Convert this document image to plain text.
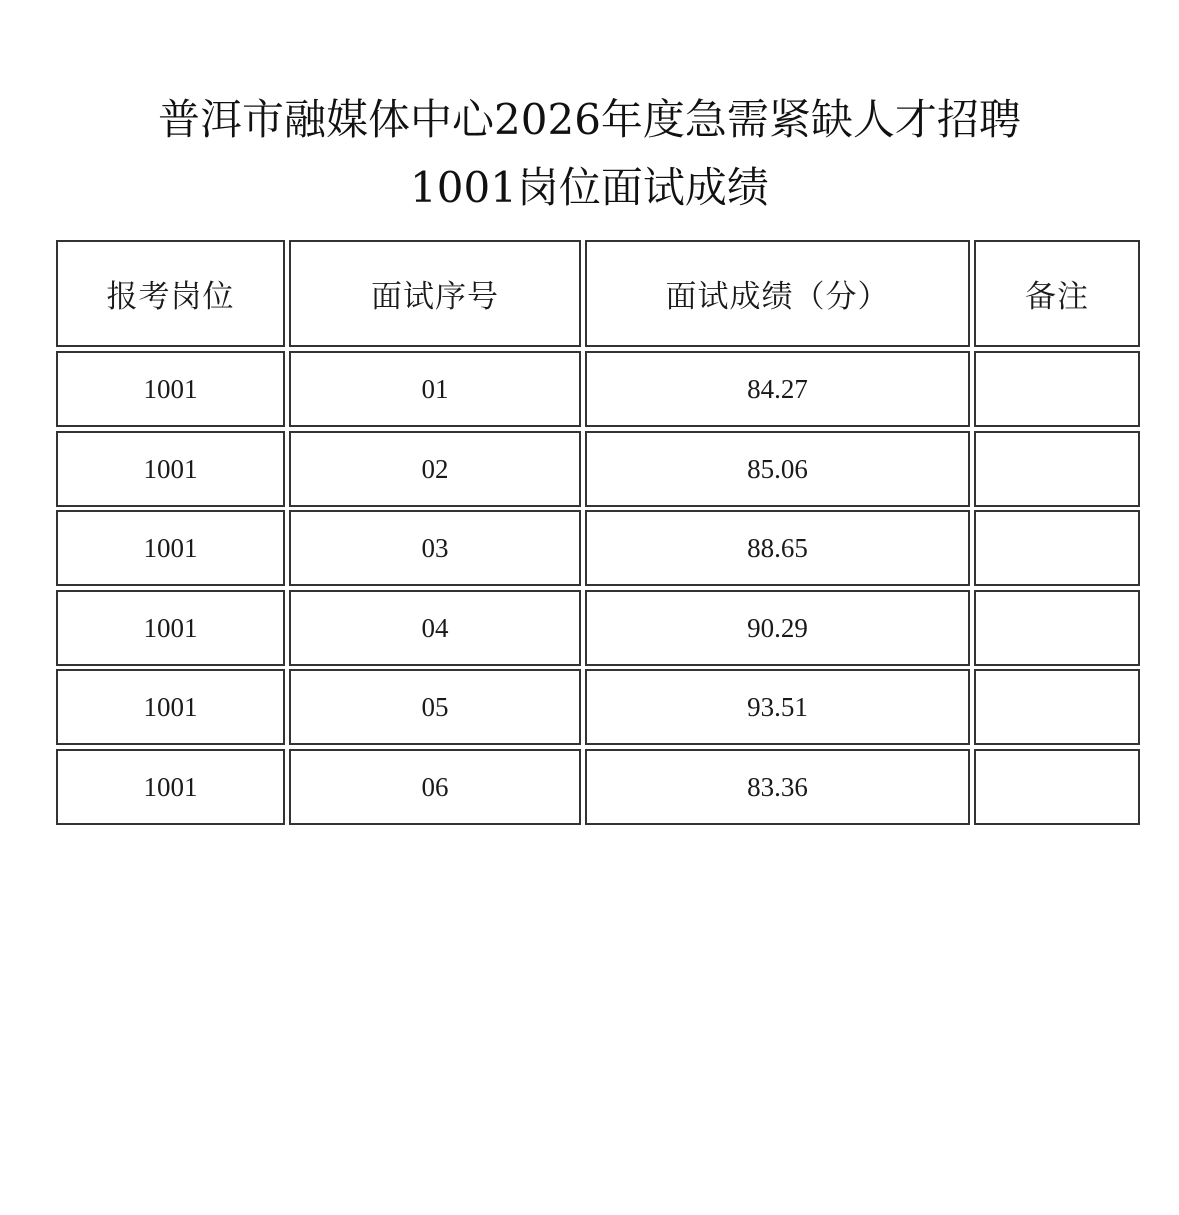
普洱市融媒体中心2026年度急需紧缺人才招聘
1001岗位面试成绩
报考岗位	面试序号	面试成绩（分）	备注
1001	01	84.27
1001	02	85.06
1001	03	88.65
1001	04	90.29
1001	05	93.51
1001	06	83.36
